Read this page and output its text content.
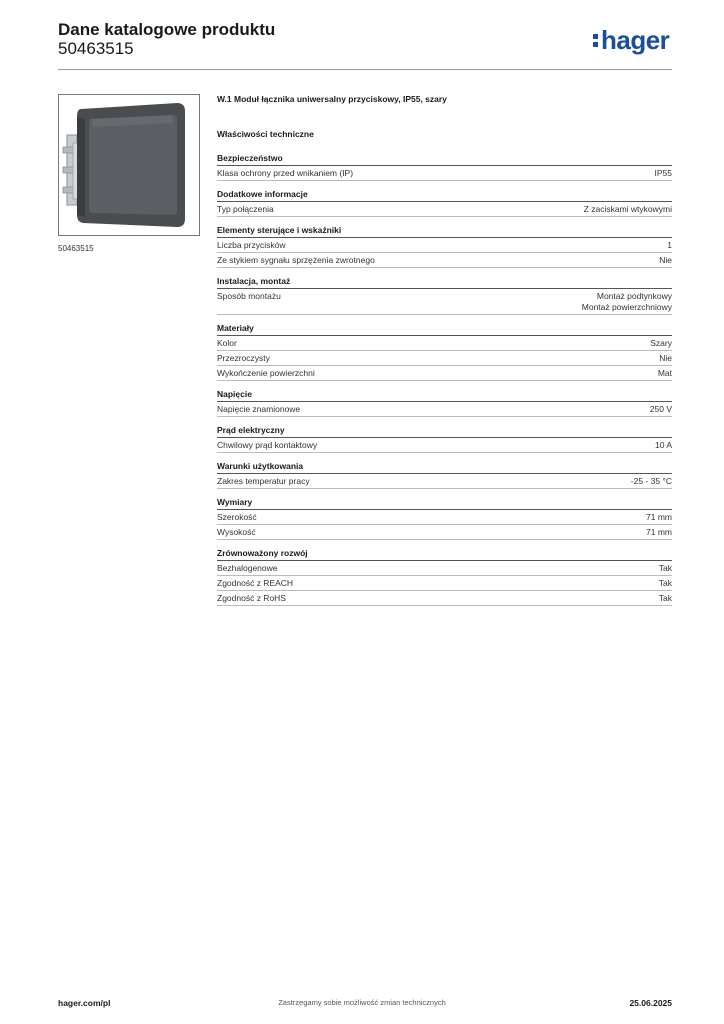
Dane katalogowe produktu
50463515	hager
50463515
W.1 Moduł łącznika uniwersalny przyciskowy, IP55, szary
Właściwości techniczne
Bezpieczeństwo
Klasa ochrony przed wnikaniem (IP)	IP55
Dodatkowe informacje
Typ połączenia	Z zaciskami wtykowymi
Elementy sterujące i wskaźniki
Liczba przycisków	1
Ze stykiem sygnału sprzężenia zwrotnego	Nie
Instalacja, montaż
Sposób montażu	Montaż podtynkowy
Montaż powierzchniowy
Materiały
Kolor	Szary
Przezroczysty	Nie
Wykończenie powierzchni	Mat
Napięcie
Napięcie znamionowe	250 V
Prąd elektryczny
Chwilowy prąd kontaktowy	10 A
Warunki użytkowania
Zakres temperatur pracy	-25 - 35 °C
Wymiary
Szerokość	71 mm
Wysokość	71 mm
Zrównoważony rozwój
Bezhalogenowe	Tak
Zgodność z REACH	Tak
Zgodność z RoHS	Tak
hager.com/pl	Zastrzegamy sobie możliwość zmian technicznych	25.06.2025
